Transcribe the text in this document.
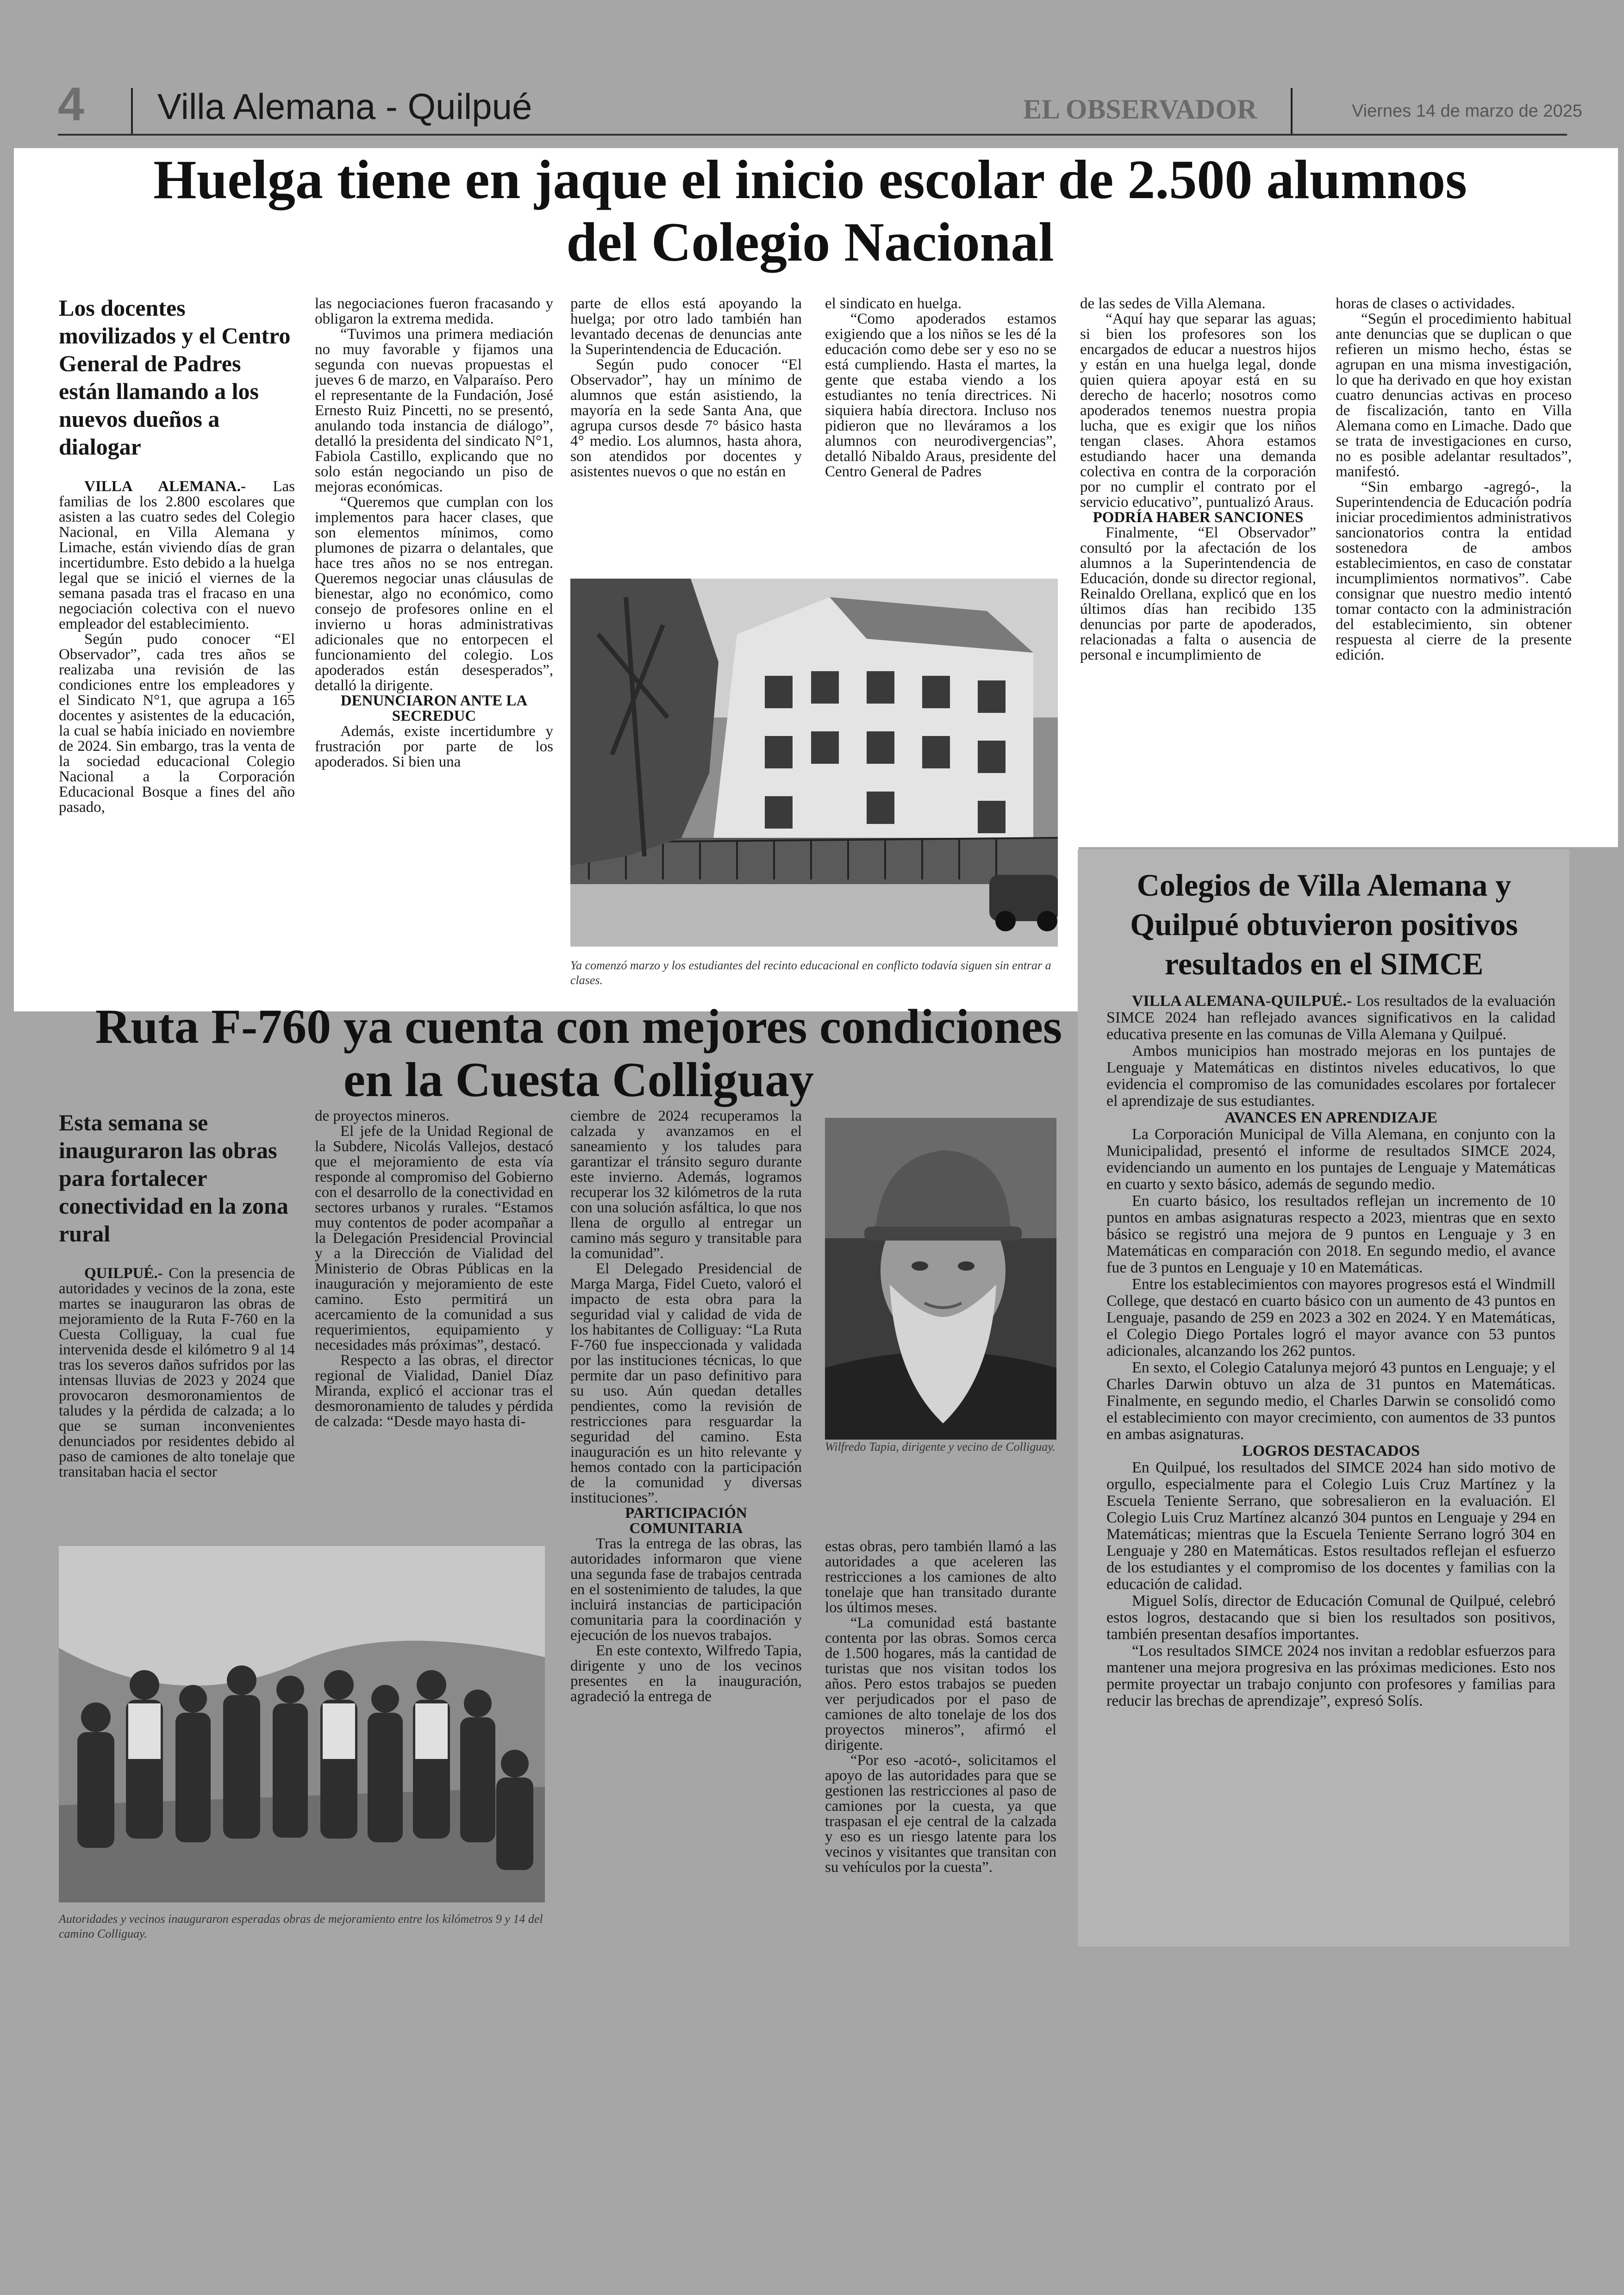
4	Villa Alemana - Quilpué	EL OBSERVADOR	Viernes 14 de marzo de 2025
Huelga tiene en jaque el inicio escolar de 2.500 alumnos del Colegio Nacional

Los docentes movilizados y el Centro General de Padres están llamando a los nuevos dueños a dialogar

VILLA ALEMANA.- Las familias de los 2.800 escolares que asisten a las cuatro sedes del Colegio Nacional, en Villa Alemana y Limache, están viviendo días de gran incertidumbre. Esto debido a la huelga legal que se inició el viernes de la semana pasada tras el fracaso en una negociación colectiva con el nuevo empleador del establecimiento.

Según pudo conocer “El Observador”, cada tres años se realizaba una revisión de las condiciones entre los empleadores y el Sindicato N°1, que agrupa a 165 docentes y asistentes de la educación, la cual se había iniciado en noviembre de 2024. Sin embargo, tras la venta de la sociedad educacional Colegio Nacional a la Corporación Educacional Bosque a fines del año pasado,

las negociaciones fueron fracasando y obligaron la extrema medida.

“Tuvimos una primera mediación no muy favorable y fijamos una segunda con nuevas propuestas el jueves 6 de marzo, en Valparaíso. Pero el representante de la Fundación, José Ernesto Ruiz Pincetti, no se presentó, anulando toda instancia de diálogo”, detalló la presidenta del sindicato N°1, Fabiola Castillo, explicando que no solo están negociando un piso de mejoras económicas.

“Queremos que cumplan con los implementos para hacer clases, que son elementos mínimos, como plumones de pizarra o delantales, que hace tres años no se nos entregan. Queremos negociar unas cláusulas de bienestar, algo no económico, como consejo de profesores online en el invierno u horas administrativas adicionales que no entorpecen el funcionamiento del colegio. Los apoderados están desesperados”, detalló la dirigente.

DENUNCIARON ANTE LA SECREDUC

Además, existe incertidumbre y frustración por parte de los apoderados. Si bien una

parte de ellos está apoyando la huelga; por otro lado también han levantado decenas de denuncias ante la Superintendencia de Educación.

Según pudo conocer “El Observador”, hay un mínimo de alumnos que están asistiendo, la mayoría en la sede Santa Ana, que agrupa cursos desde 7° básico hasta 4° medio. Los alumnos, hasta ahora, son atendidos por docentes y asistentes nuevos o que no están en

el sindicato en huelga.

“Como apoderados estamos exigiendo que a los niños se les dé la educación como debe ser y eso no se está cumpliendo. Hasta el martes, la gente que estaba viendo a los estudiantes no tenía directrices. Ni siquiera había directora. Incluso nos pidieron que no lleváramos a los alumnos con neurodivergencias”, detalló Nibaldo Araus, presidente del Centro General de Padres

de las sedes de Villa Alemana.

“Aquí hay que separar las aguas; si bien los profesores son los encargados de educar a nuestros hijos y están en una huelga legal, donde quien quiera apoyar está en su derecho de hacerlo; nosotros como apoderados tenemos nuestra propia lucha, que es exigir que los niños tengan clases. Ahora estamos estudiando hacer una demanda colectiva en contra de la corporación por no cumplir el contrato por el servicio educativo”, puntualizó Araus.

PODRÍA HABER SANCIONES

Finalmente, “El Observador” consultó por la afectación de los alumnos a la Superintendencia de Educación, donde su director regional, Reinaldo Orellana, explicó que en los últimos días han recibido 135 denuncias por parte de apoderados, relacionadas a falta o ausencia de personal e incumplimiento de

horas de clases o actividades.

“Según el procedimiento habitual ante denuncias que se duplican o que refieren un mismo hecho, éstas se agrupan en una misma investigación, lo que ha derivado en que hoy existan cuatro denuncias activas en proceso de fiscalización, tanto en Villa Alemana como en Limache. Dado que se trata de investigaciones en curso, no es posible adelantar resultados”, manifestó.

“Sin embargo -agregó-, la Superintendencia de Educación podría iniciar procedimientos administrativos sancionatorios contra la entidad sostenedora de ambos establecimientos, en caso de constatar incumplimientos normativos”. Cabe consignar que nuestro medio intentó tomar contacto con la administración del establecimiento, sin obtener respuesta al cierre de la presente edición.

Ya comenzó marzo y los estudiantes del recinto educacional en conflicto todavía siguen sin entrar a clases.
Ruta F-760 ya cuenta con mejores condiciones en la Cuesta Colliguay

Esta semana se inauguraron las obras para fortalecer conectividad en la zona rural

QUILPUÉ.- Con la presencia de autoridades y vecinos de la zona, este martes se inauguraron las obras de mejoramiento de la Ruta F-760 en la Cuesta Colliguay, la cual fue intervenida desde el kilómetro 9 al 14 tras los severos daños sufridos por las intensas lluvias de 2023 y 2024 que provocaron desmoronamientos de taludes y la pérdida de calzada; a lo que se suman inconvenientes denunciados por residentes debido al paso de camiones de alto tonelaje que transitaban hacia el sector

de proyectos mineros.

El jefe de la Unidad Regional de la Subdere, Nicolás Vallejos, destacó que el mejoramiento de esta vía responde al compromiso del Gobierno con el desarrollo de la conectividad en sectores urbanos y rurales. “Estamos muy contentos de poder acompañar a la Delegación Presidencial Provincial y a la Dirección de Vialidad del Ministerio de Obras Públicas en la inauguración y mejoramiento de este camino. Esto permitirá un acercamiento de la comunidad a sus requerimientos, equipamiento y necesidades más próximas”, destacó.

Respecto a las obras, el director regional de Vialidad, Daniel Díaz Miranda, explicó el accionar tras el desmoronamiento de taludes y pérdida de calzada: “Desde mayo hasta di-

ciembre de 2024 recuperamos la calzada y avanzamos en el saneamiento y los taludes para garantizar el tránsito seguro durante este invierno. Además, logramos recuperar los 32 kilómetros de la ruta con una solución asfáltica, lo que nos llena de orgullo al entregar un camino más seguro y transitable para la comunidad”.

El Delegado Presidencial de Marga Marga, Fidel Cueto, valoró el impacto de esta obra para la seguridad vial y calidad de vida de los habitantes de Colliguay: “La Ruta F-760 fue inspeccionada y validada por las instituciones técnicas, lo que permite dar un paso definitivo para su uso. Aún quedan detalles pendientes, como la revisión de restricciones para resguardar la seguridad del camino. Esta inauguración es un hito relevante y hemos contado con la participación de la comunidad y diversas instituciones”.

PARTICIPACIÓN COMUNITARIA

Tras la entrega de las obras, las autoridades informaron que viene una segunda fase de trabajos centrada en el sostenimiento de taludes, la que incluirá instancias de participación comunitaria para la coordinación y ejecución de los nuevos trabajos.

En este contexto, Wilfredo Tapia, dirigente y uno de los vecinos presentes en la inauguración, agradeció la entrega de

estas obras, pero también llamó a las autoridades a que aceleren las restricciones a los camiones de alto tonelaje que han transitado durante los últimos meses.

“La comunidad está bastante contenta por las obras. Somos cerca de 1.500 hogares, más la cantidad de turistas que nos visitan todos los años. Pero estos trabajos se pueden ver perjudicados por el paso de camiones de alto tonelaje de los dos proyectos mineros”, afirmó el dirigente.

“Por eso -acotó-, solicitamos el apoyo de las autoridades para que se gestionen las restricciones al paso de camiones por la cuesta, ya que traspasan el eje central de la calzada y eso es un riesgo latente para los vecinos y visitantes que transitan con su vehículos por la cuesta”.

Wilfredo Tapia, dirigente y vecino de Colliguay.
Autoridades y vecinos inauguraron esperadas obras de mejoramiento entre los kilómetros 9 y 14 del camino Colliguay.
Colegios de Villa Alemana y Quilpué obtuvieron positivos resultados en el SIMCE

VILLA ALEMANA-QUILPUÉ.- Los resultados de la evaluación SIMCE 2024 han reflejado avances significativos en la calidad educativa presente en las comunas de Villa Alemana y Quilpué.

Ambos municipios han mostrado mejoras en los puntajes de Lenguaje y Matemáticas en distintos niveles educativos, lo que evidencia el compromiso de las comunidades escolares por fortalecer el aprendizaje de sus estudiantes.

AVANCES EN APRENDIZAJE

La Corporación Municipal de Villa Alemana, en conjunto con la Municipalidad, presentó el informe de resultados SIMCE 2024, evidenciando un aumento en los puntajes de Lenguaje y Matemáticas en cuarto y sexto básico, además de segundo medio.

En cuarto básico, los resultados reflejan un incremento de 10 puntos en ambas asignaturas respecto a 2023, mientras que en sexto básico se registró una mejora de 9 puntos en Lenguaje y 3 en Matemáticas en comparación con 2018. En segundo medio, el avance fue de 3 puntos en Lenguaje y 10 en Matemáticas.

Entre los establecimientos con mayores progresos está el Windmill College, que destacó en cuarto básico con un aumento de 43 puntos en Lenguaje, pasando de 259 en 2023 a 302 en 2024. Y en Matemáticas, el Colegio Diego Portales logró el mayor avance con 53 puntos adicionales, alcanzando los 262 puntos.

En sexto, el Colegio Catalunya mejoró 43 puntos en Lenguaje; y el Charles Darwin obtuvo un alza de 31 puntos en Matemáticas. Finalmente, en segundo medio, el Charles Darwin se consolidó como el establecimiento con mayor crecimiento, con aumentos de 33 puntos en ambas asignaturas.

LOGROS DESTACADOS

En Quilpué, los resultados del SIMCE 2024 han sido motivo de orgullo, especialmente para el Colegio Luis Cruz Martínez y la Escuela Teniente Serrano, que sobresalieron en la evaluación. El Colegio Luis Cruz Martínez alcanzó 304 puntos en Lenguaje y 294 en Matemáticas; mientras que la Escuela Teniente Serrano logró 304 en Lenguaje y 280 en Matemáticas. Estos resultados reflejan el esfuerzo de los estudiantes y el compromiso de los docentes y familias con la educación de calidad.

Miguel Solís, director de Educación Comunal de Quilpué, celebró estos logros, destacando que si bien los resultados son positivos, también presentan desafíos importantes.

“Los resultados SIMCE 2024 nos invitan a redoblar esfuerzos para mantener una mejora progresiva en las próximas mediciones. Esto nos permite proyectar un trabajo conjunto con profesores y familias para reducir las brechas de aprendizaje”, expresó Solís.
